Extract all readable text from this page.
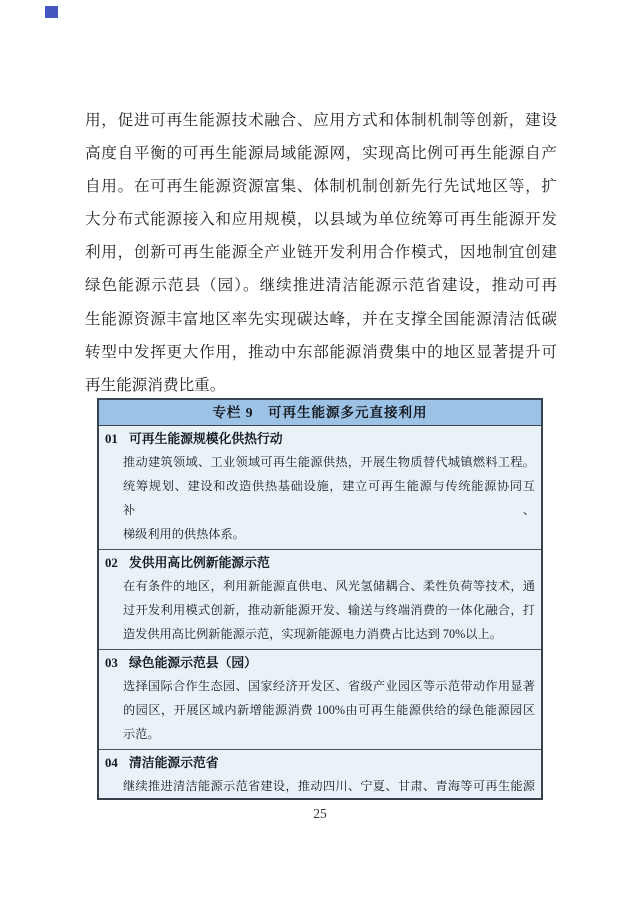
用，促进可再生能源技术融合、应用方式和体制机制等创新，建设
高度自平衡的可再生能源局域能源网，实现高比例可再生能源自产
自用。在可再生能源资源富集、体制机制创新先行先试地区等，扩
大分布式能源接入和应用规模，以县域为单位统筹可再生能源开发
利用，创新可再生能源全产业链开发利用合作模式，因地制宜创建
绿色能源示范县（园）。继续推进清洁能源示范省建设，推动可再
生能源资源丰富地区率先实现碳达峰，并在支撑全国能源清洁低碳
转型中发挥更大作用，推动中东部能源消费集中的地区显著提升可
再生能源消费比重。
专栏 9　可再生能源多元直接利用
01 可再生能源规模化供热行动
推动建筑领域、工业领域可再生能源供热，开展生物质替代城镇燃料工程。
统筹规划、建设和改造供热基础设施，建立可再生能源与传统能源协同互补、
梯级利用的供热体系。
02 发供用高比例新能源示范
在有条件的地区，利用新能源直供电、风光氢储耦合、柔性负荷等技术，通
过开发利用模式创新，推动新能源开发、输送与终端消费的一体化融合，打
造发供用高比例新能源示范，实现新能源电力消费占比达到 70%以上。
03 绿色能源示范县（园）
选择国际合作生态园、国家经济开发区、省级产业园区等示范带动作用显著
的园区，开展区域内新增能源消费 100%由可再生能源供给的绿色能源园区
示范。
04 清洁能源示范省
继续推进清洁能源示范省建设，推动四川、宁夏、甘肃、青海等可再生能源
25
